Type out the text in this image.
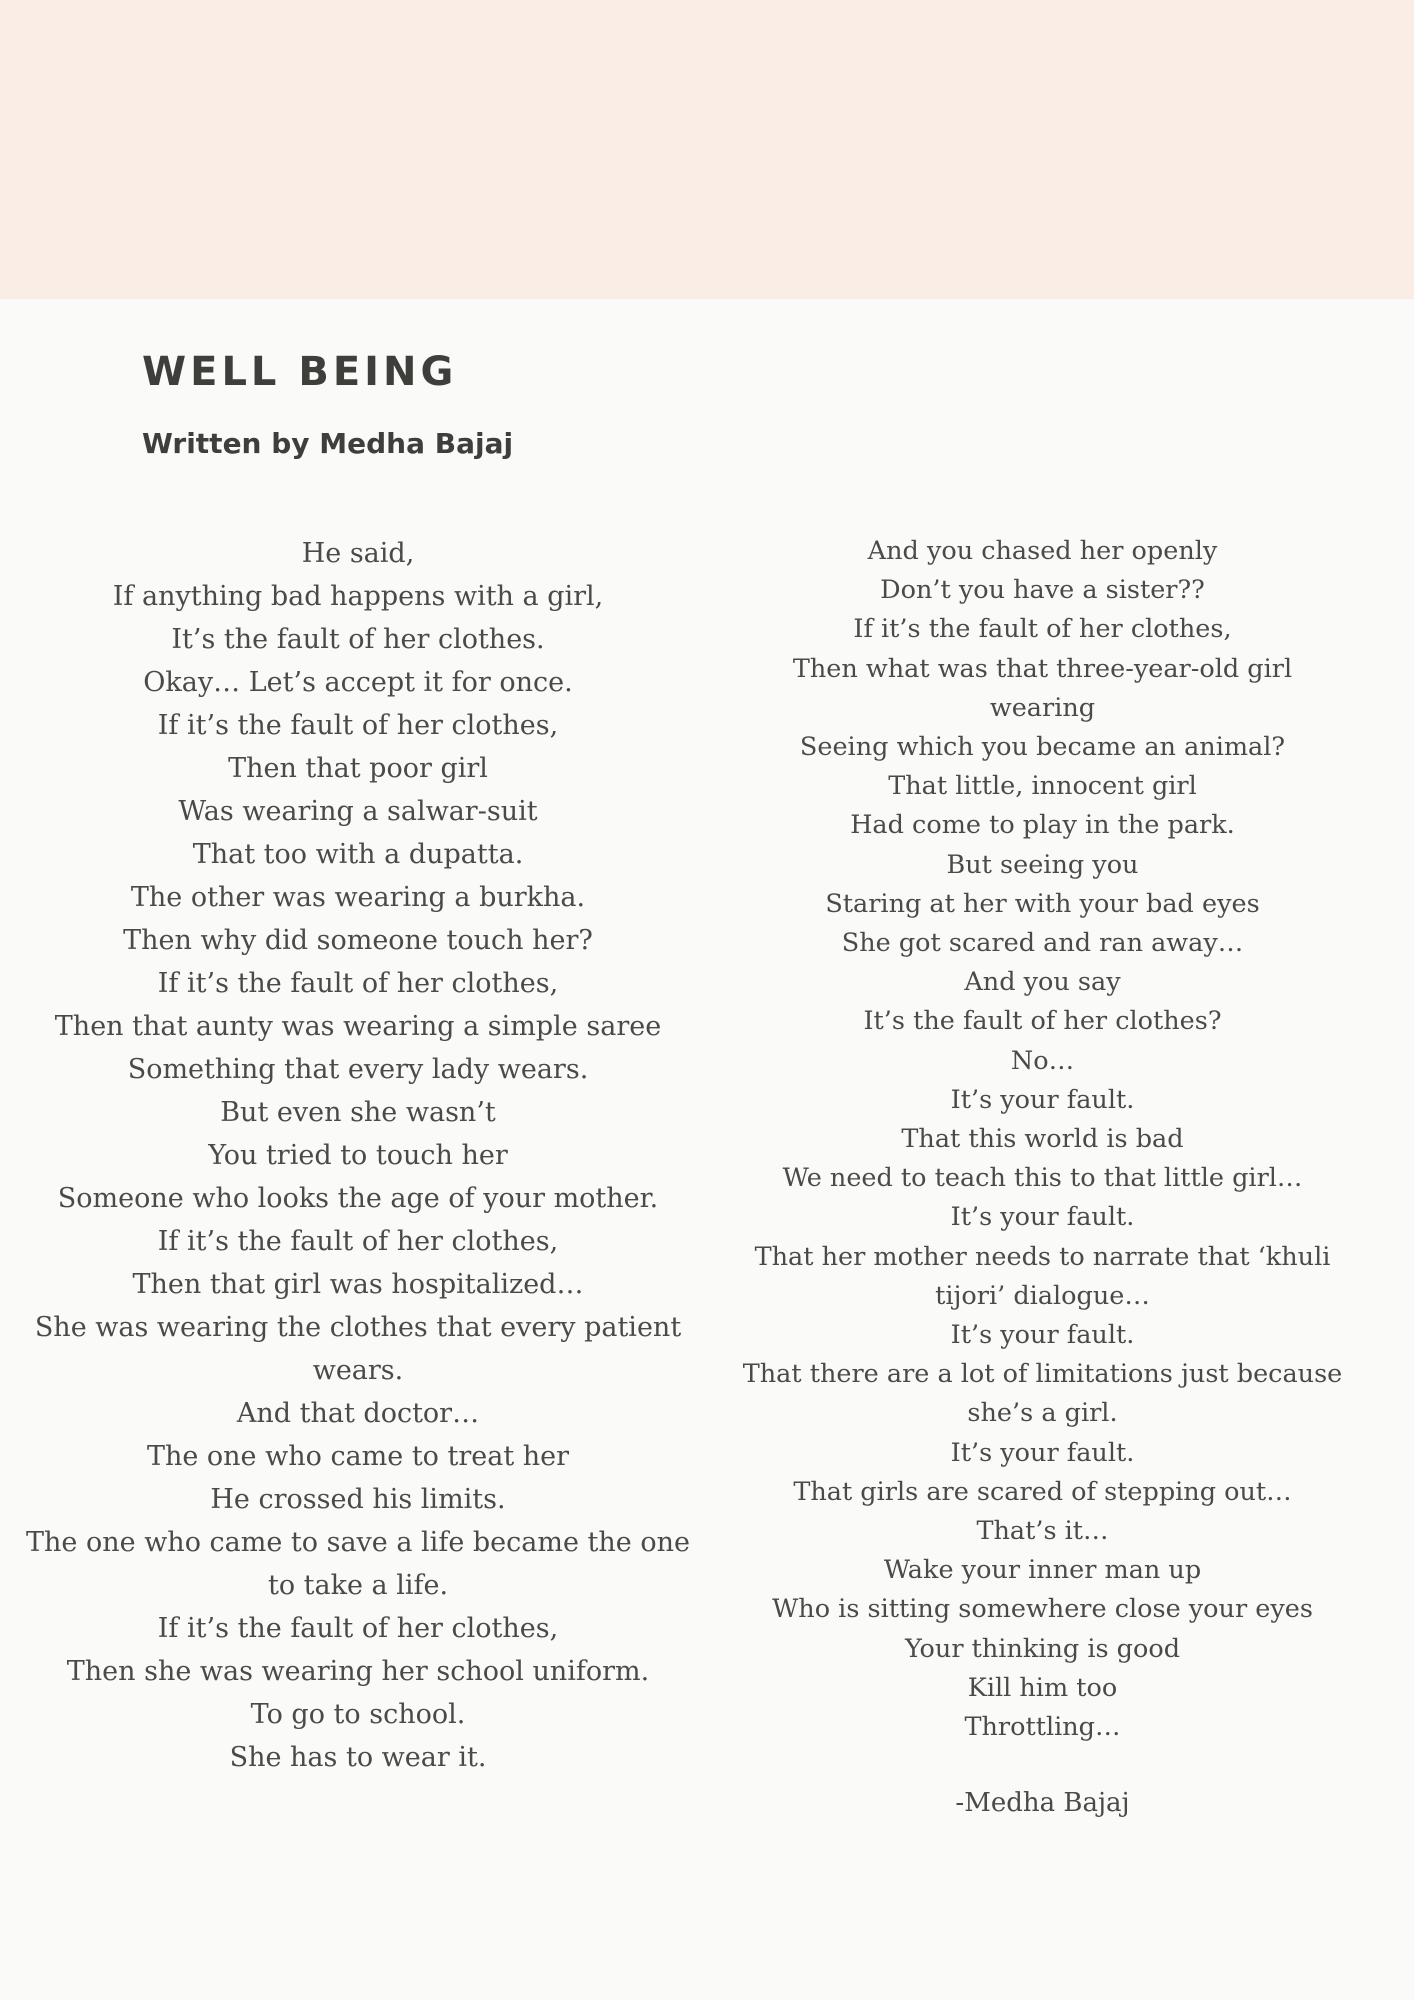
WELL BEING

Written by Medha Bajaj

He said,
If anything bad happens with a girl,
It’s the fault of her clothes.
Okay… Let’s accept it for once.
If it’s the fault of her clothes,
Then that poor girl
Was wearing a salwar-suit
That too with a dupatta.
The other was wearing a burkha.
Then why did someone touch her?
If it’s the fault of her clothes,
Then that aunty was wearing a simple saree
Something that every lady wears.
But even she wasn’t
You tried to touch her
Someone who looks the age of your mother.
If it’s the fault of her clothes,
Then that girl was hospitalized…
She was wearing the clothes that every patient
wears.
And that doctor…
The one who came to treat her
He crossed his limits.
The one who came to save a life became the one
to take a life.
If it’s the fault of her clothes,
Then she was wearing her school uniform.
To go to school.
She has to wear it.
And you chased her openly
Don’t you have a sister??
If it’s the fault of her clothes,
Then what was that three-year-old girl
wearing
Seeing which you became an animal?
That little, innocent girl
Had come to play in the park.
But seeing you
Staring at her with your bad eyes
She got scared and ran away…
And you say
It’s the fault of her clothes?
No…
It’s your fault.
That this world is bad
We need to teach this to that little girl…
It’s your fault.
That her mother needs to narrate that ‘khuli
tijori’ dialogue…
It’s your fault.
That there are a lot of limitations just because
she’s a girl.
It’s your fault.
That girls are scared of stepping out…
That’s it…
Wake your inner man up
Who is sitting somewhere close your eyes
Your thinking is good
Kill him too
Throttling…
-Medha Bajaj
